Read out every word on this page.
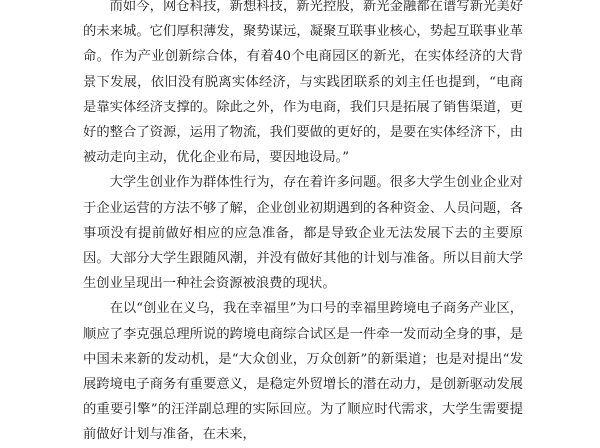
而如今，网仓科技，新想科技，新光控股，新光金融都在谱写新光美好的未来城。它们厚积薄发，聚势谋远，凝聚互联事业核心，势起互联事业革命。作为产业创新综合体，有着40个电商园区的新光，在实体经济的大背景下发展，依旧没有脱离实体经济，与实践团联系的刘主任也提到，“电商是靠实体经济支撑的。除此之外，作为电商，我们只是拓展了销售渠道，更好的整合了资源，运用了物流，我们要做的更好的，是要在实体经济下，由被动走向主动，优化企业布局，要因地设局。”

大学生创业作为群体性行为，存在着许多问题。很多大学生创业企业对于企业运营的方法不够了解，企业创业初期遇到的各种资金、人员问题，各事项没有提前做好相应的应急准备，都是导致企业无法发展下去的主要原因。大部分大学生跟随风潮，并没有做好其他的计划与准备。所以目前大学生创业呈现出一种社会资源被浪费的现状。

在以“创业在义乌，我在幸福里”为口号的幸福里跨境电子商务产业区，顺应了李克强总理所说的跨境电商综合试区是一件牵一发而动全身的事，是中国未来新的发动机，是“大众创业，万众创新”的新渠道；也是对提出“发展跨境电子商务有重要意义，是稳定外贸增长的潜在动力，是创新驱动发展的重要引擎”的汪洋副总理的实际回应。为了顺应时代需求，大学生需要提前做好计划与准备，在未来，
